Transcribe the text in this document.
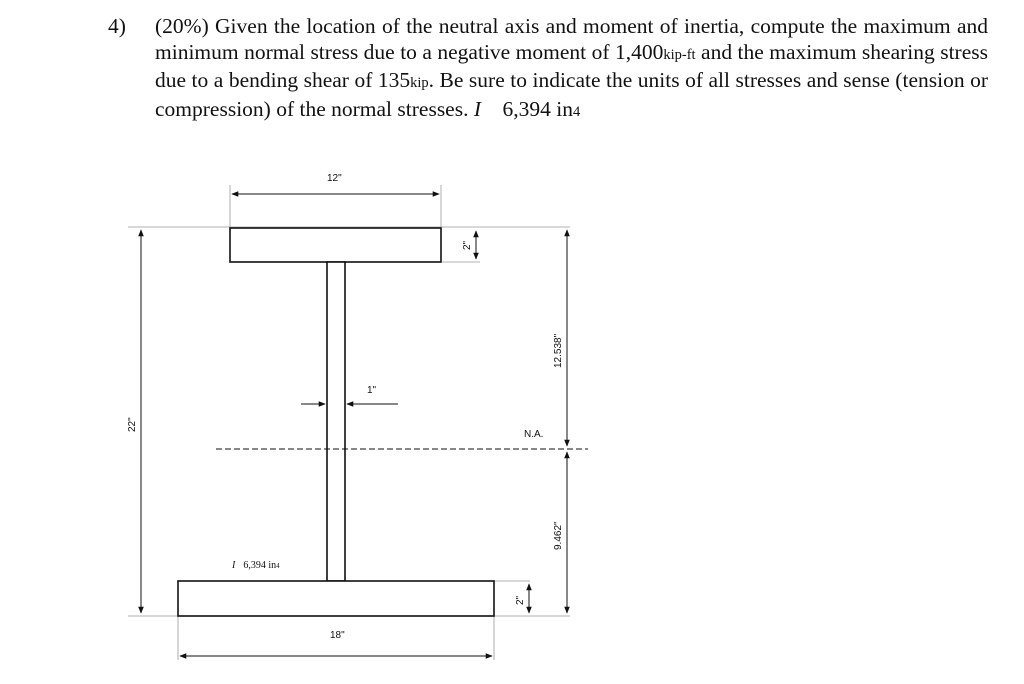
4) (20%) Given the location of the neutral axis and moment of inertia, compute the maximum and minimum normal stress due to a negative moment of 1,400kip-ft and the maximum shearing stress due to a bending shear of 135kip. Be sure to indicate the units of all stresses and sense (tension or compression) of the normal stresses. I 6,394 in4
N.A.
12"
2"
1"
22"
12.538"
9.462"
2"
18"
I 6,394 in4
